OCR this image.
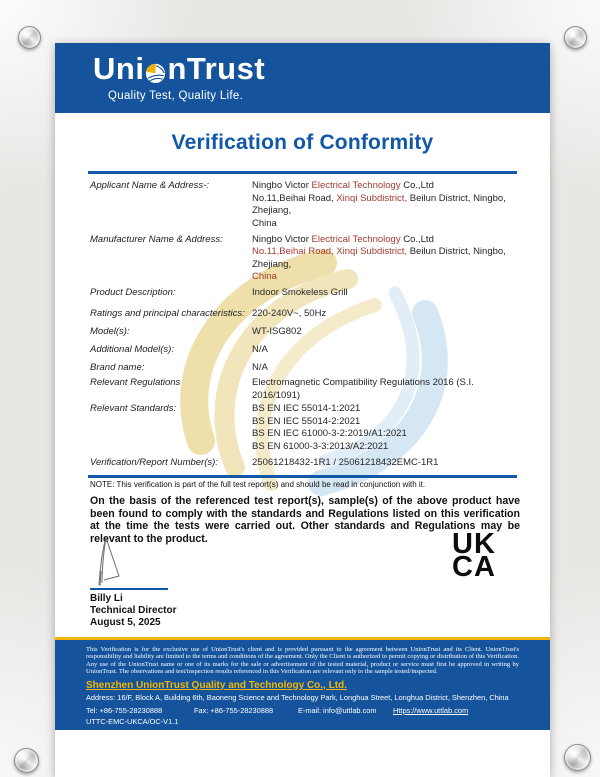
Uni nTrust
Quality Test, Quality Life.
Verification of Conformity
Applicant Name & Address-:	Ningbo Victor Electrical Technology Co.,Ltd
No.11,Beihai Road, Xinqi Subdistrict, Beilun District, Ningbo, Zhejiang,
China
Manufacturer Name & Address:	Ningbo Victor Electrical Technology Co.,Ltd
No.11,Beihai Road, Xinqi Subdistrict, Beilun District, Ningbo, Zhejiang,
China
Product Description:	Indoor Smokeless Grill
Ratings and principal characteristics: 220-240V~, 50Hz
Model(s):	WT-ISG802
Additional Model(s):	N/A
Brand name:	N/A
Relevant Regulations	Electromagnetic Compatibility Regulations 2016 (S.I. 2016/1091)
Relevant Standards:	BS EN IEC 55014-1:2021
BS EN IEC 55014-2:2021
BS EN IEC 61000-3-2:2019/A1:2021
BS EN 61000-3-3:2013/A2:2021
Verification/Report Number(s):	25061218432-1R1 / 25061218432EMC-1R1
NOTE: This verification is part of the full test report(s) and should be read in conjunction with it.
On the basis of the referenced test report(s), sample(s) of the above product have been found to comply with the standards and Regulations listed on this verification at the time the tests were carried out. Other standards and Regulations may be relevant to the product.
Billy Li
Technical Director
August 5, 2025
UK
CA
This Verification is for the exclusive use of UnionTrust's client and is provided pursuant to the agreement between UnionTrust and its Client. UnionTrust's responsibility and liability are limited to the terms and conditions of the agreement. Only the Client is authorized to permit copying or distribution of this Verification. Any use of the UnionTrust name or one of its marks for the sale or advertisement of the tested material, product or service must first be approved in writing by UnionTrust. The observations and test/inspection results referenced in this Verification are relevant only to the sample tested/inspected.
Shenzhen UnionTrust Quality and Technology Co., Ltd.
Address: 16/F, Block A, Building 6th, Baoneng Science and Technology Park, Longhua Street, Longhua District, Shenzhen, China
Tel: +86-755-28230888	Fax: +86-755-28230888	E-mail: info@uttlab.com	Https://www.uttlab.com
UTTC-EMC-UKCA/OC-V1.1
